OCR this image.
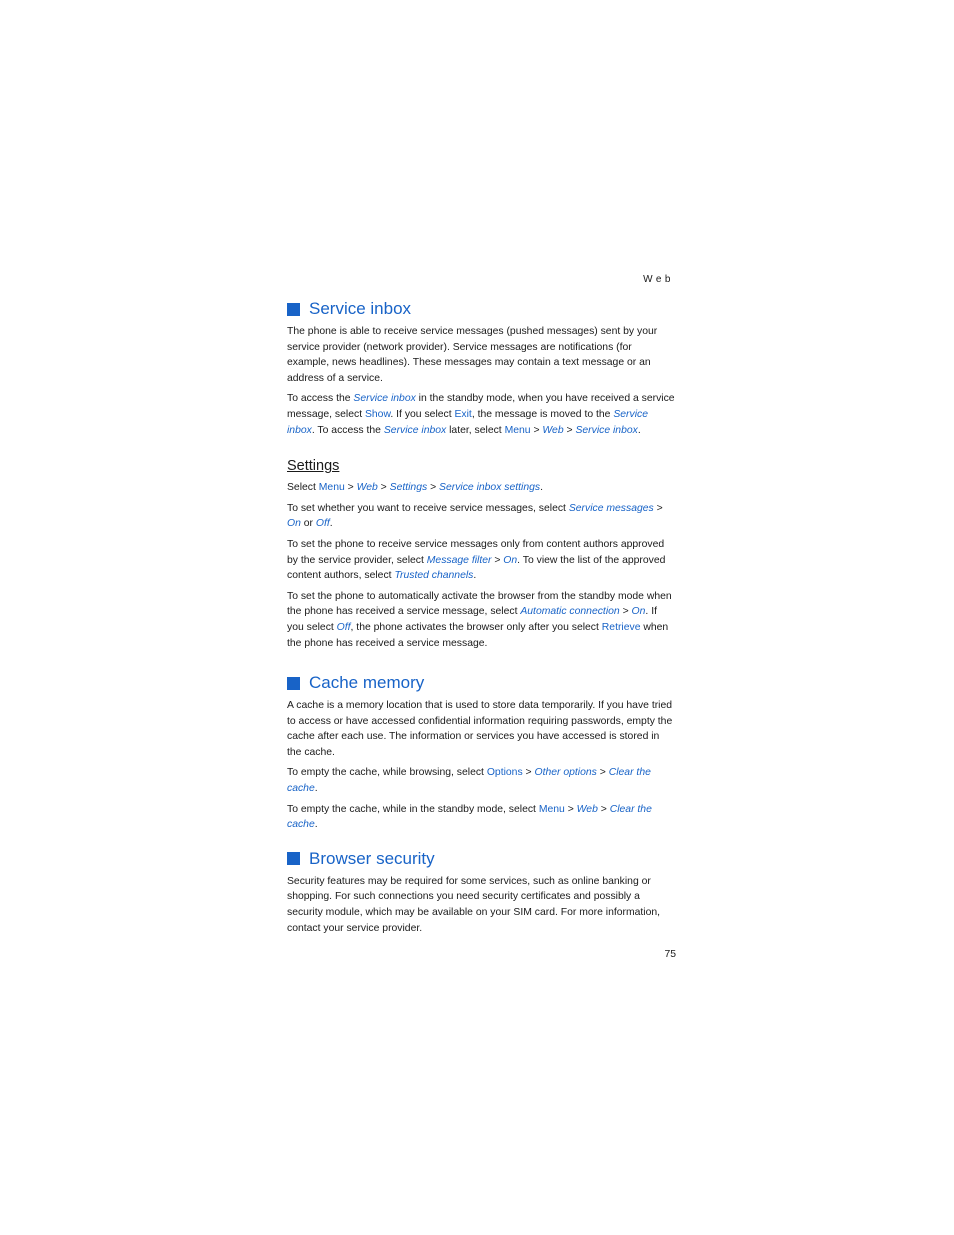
Web
Service inbox

The phone is able to receive service messages (pushed messages) sent by your service provider (network provider). Service messages are notifications (for example, news headlines). These messages may contain a text message or an address of a service.

To access the Service inbox in the standby mode, when you have received a service message, select Show. If you select Exit, the message is moved to the Service inbox. To access the Service inbox later, select Menu > Web > Service inbox.

Settings

Select Menu > Web > Settings > Service inbox settings.

To set whether you want to receive service messages, select Service messages > On or Off.

To set the phone to receive service messages only from content authors approved by the service provider, select Message filter > On. To view the list of the approved content authors, select Trusted channels.

To set the phone to automatically activate the browser from the standby mode when the phone has received a service message, select Automatic connection > On. If you select Off, the phone activates the browser only after you select Retrieve when the phone has received a service message.

Cache memory

A cache is a memory location that is used to store data temporarily. If you have tried to access or have accessed confidential information requiring passwords, empty the cache after each use. The information or services you have accessed is stored in the cache.

To empty the cache, while browsing, select Options > Other options > Clear the cache.

To empty the cache, while in the standby mode, select Menu > Web > Clear the cache.

Browser security

Security features may be required for some services, such as online banking or shopping. For such connections you need security certificates and possibly a security module, which may be available on your SIM card. For more information, contact your service provider.

75
